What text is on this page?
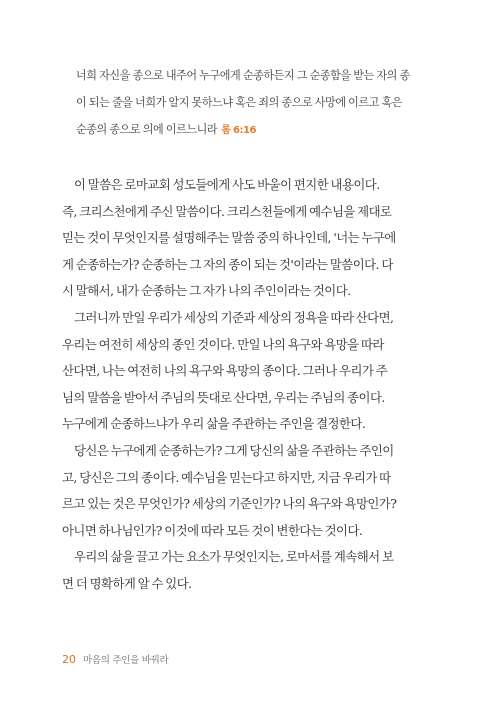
너희 자신을 종으로 내주어 누구에게 순종하든지 그 순종함을 받는 자의 종
이 되는 줄을 너희가 알지 못하느냐 혹은 죄의 종으로 사망에 이르고 혹은
순종의 종으로 의에 이르느니라 롬 6:16
이 말씀은 로마교회 성도들에게 사도 바울이 편지한 내용이다.
즉, 크리스천에게 주신 말씀이다. 크리스천들에게 예수님을 제대로
믿는 것이 무엇인지를 설명해주는 말씀 중의 하나인데, '너는 누구에
게 순종하는가? 순종하는 그 자의 종이 되는 것'이라는 말씀이다. 다
시 말해서, 내가 순종하는 그 자가 나의 주인이라는 것이다.
그러니까 만일 우리가 세상의 기준과 세상의 정욕을 따라 산다면,
우리는 여전히 세상의 종인 것이다. 만일 나의 욕구와 욕망을 따라
산다면, 나는 여전히 나의 욕구와 욕망의 종이다. 그러나 우리가 주
님의 말씀을 받아서 주님의 뜻대로 산다면, 우리는 주님의 종이다.
누구에게 순종하느냐가 우리 삶을 주관하는 주인을 결정한다.
당신은 누구에게 순종하는가? 그게 당신의 삶을 주관하는 주인이
고, 당신은 그의 종이다. 예수님을 믿는다고 하지만, 지금 우리가 따
르고 있는 것은 무엇인가? 세상의 기준인가? 나의 욕구와 욕망인가?
아니면 하나님인가? 이것에 따라 모든 것이 변한다는 것이다.
우리의 삶을 끌고 가는 요소가 무엇인지는, 로마서를 계속해서 보
면 더 명확하게 알 수 있다.
20 마음의 주인을 바꿔라
